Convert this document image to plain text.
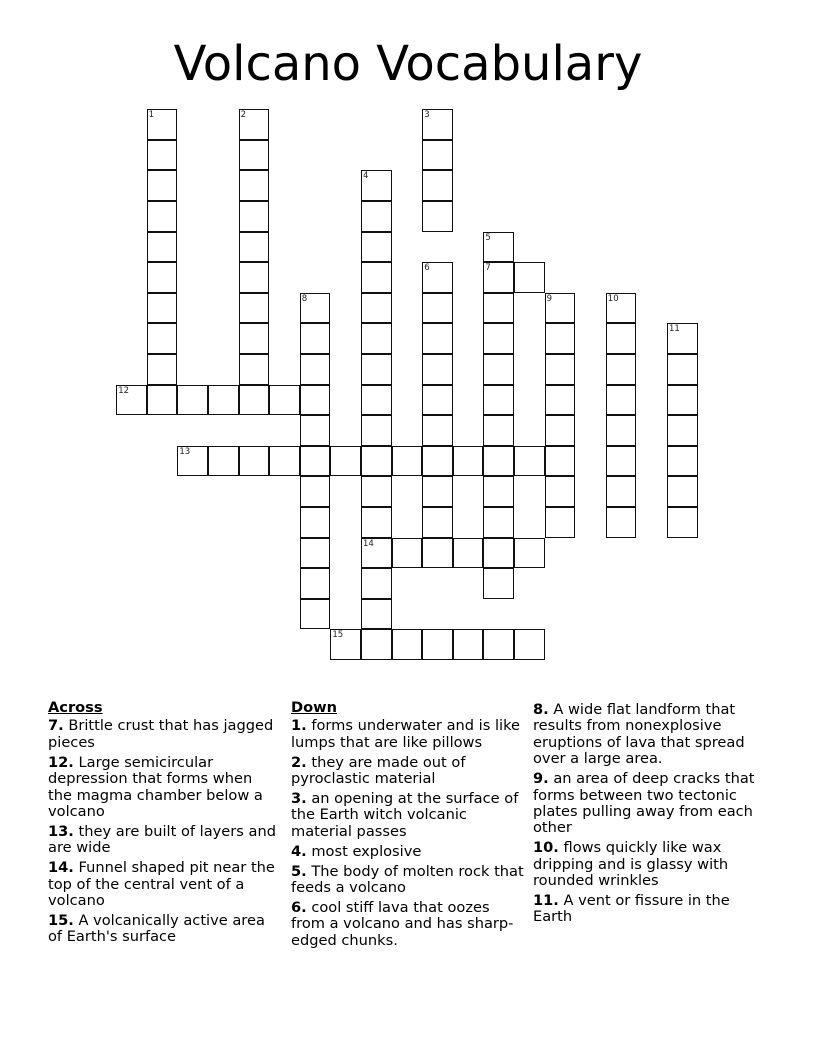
Volcano Vocabulary
1	2	3
4
14
5
7
6
8	9	10
11
12
13
15
Across
7. Brittle crust that has jagged pieces
12. Large semicircular depression that forms when the magma chamber below a volcano
13. they are built of layers and are wide
14. Funnel shaped pit near the top of the central vent of a volcano
15. A volcanically active area of Earth's surface
Down
1. forms underwater and is like lumps that are like pillows
2. they are made out of pyroclastic material
3. an opening at the surface of the Earth witch volcanic material passes
4. most explosive
5. The body of molten rock that feeds a volcano
6. cool stiff lava that oozes from a volcano and has sharp-edged chunks.
8. A wide flat landform that results from nonexplosive eruptions of lava that spread over a large area.
9. an area of deep cracks that forms between two tectonic plates pulling away from each other
10. flows quickly like wax dripping and is glassy with rounded wrinkles
11. A vent or fissure in the Earth
